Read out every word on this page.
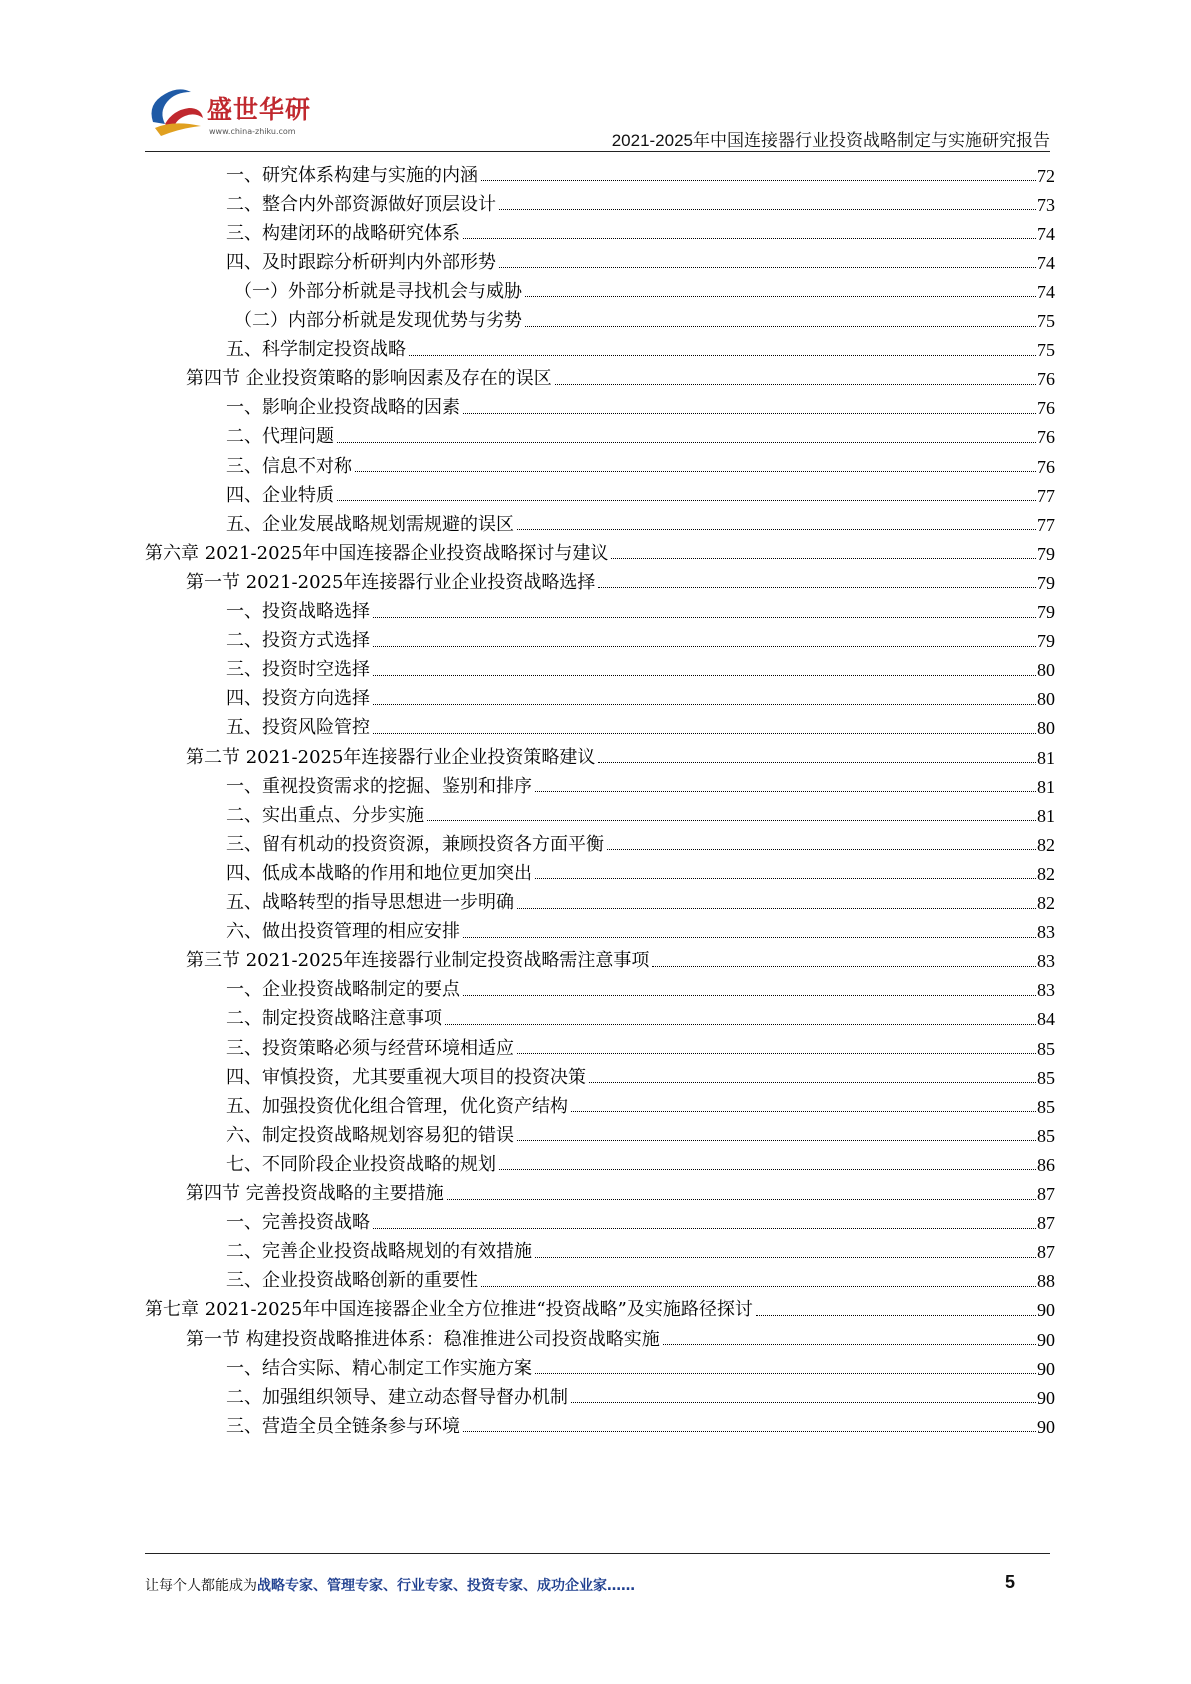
盛世华研
www.china-zhiku.com	2021-2025年中国连接器行业投资战略制定与实施研究报告
一、研究体系构建与实施的内涵	72
二、整合内外部资源做好顶层设计	73
三、构建闭环的战略研究体系	74
四、及时跟踪分析研判内外部形势	74
（一）外部分析就是寻找机会与威胁	74
（二）内部分析就是发现优势与劣势	75
五、科学制定投资战略	75
第四节 企业投资策略的影响因素及存在的误区	76
一、影响企业投资战略的因素	76
二、代理问题	76
三、信息不对称	76
四、企业特质	77
五、企业发展战略规划需规避的误区	77
第六章 2021-2025年中国连接器企业投资战略探讨与建议	79
第一节 2021-2025年连接器行业企业投资战略选择	79
一、投资战略选择	79
二、投资方式选择	79
三、投资时空选择	80
四、投资方向选择	80
五、投资风险管控	80
第二节 2021-2025年连接器行业企业投资策略建议	81
一、重视投资需求的挖掘、鉴别和排序	81
二、实出重点、分步实施	81
三、留有机动的投资资源，兼顾投资各方面平衡	82
四、低成本战略的作用和地位更加突出	82
五、战略转型的指导思想进一步明确	82
六、做出投资管理的相应安排	83
第三节 2021-2025年连接器行业制定投资战略需注意事项	83
一、企业投资战略制定的要点	83
二、制定投资战略注意事项	84
三、投资策略必须与经营环境相适应	85
四、审慎投资，尤其要重视大项目的投资决策	85
五、加强投资优化组合管理，优化资产结构	85
六、制定投资战略规划容易犯的错误	85
七、不同阶段企业投资战略的规划	86
第四节 完善投资战略的主要措施	87
一、完善投资战略	87
二、完善企业投资战略规划的有效措施	87
三、企业投资战略创新的重要性	88
第七章 2021-2025年中国连接器企业全方位推进“投资战略”及实施路径探讨	90
第一节 构建投资战略推进体系：稳准推进公司投资战略实施	90
一、结合实际、精心制定工作实施方案	90
二、加强组织领导、建立动态督导督办机制	90
三、营造全员全链条参与环境	90
让每个人都能成为战略专家、管理专家、行业专家、投资专家、成功企业家……	5
